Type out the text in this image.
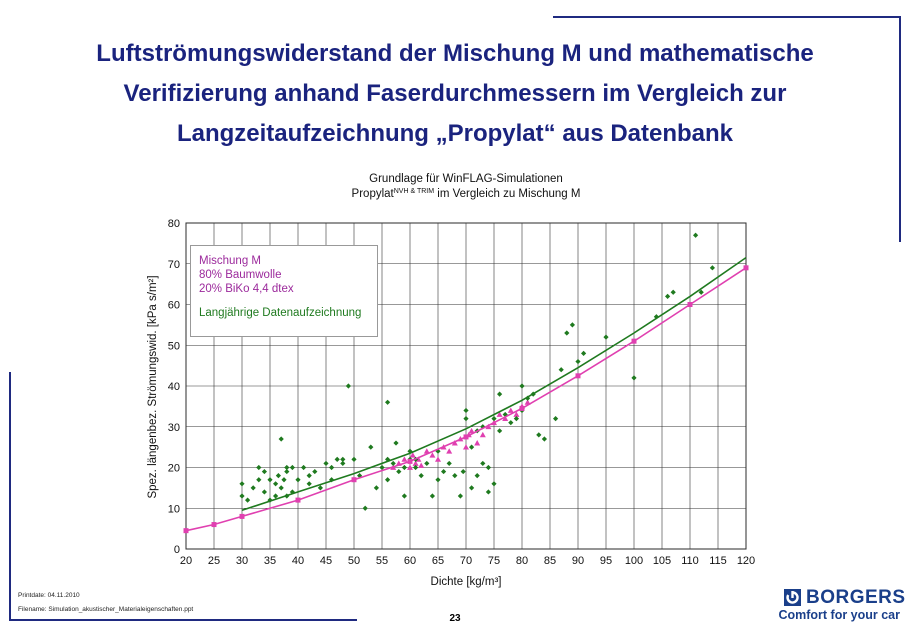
Luftströmungswiderstand der Mischung M und mathematische
Verifizierung anhand Faserdurchmessern im Vergleich zur
Langzeitaufzeichnung „Propylat“ aus Datenbank
Grundlage für WinFLAG-Simulationen
Propylat$^{NVH \& TRIM}$ im Vergleich zu Mischung M
20 25 30 35 40 45 50 55 60 65 70 75 80 85 90 95 100 105 110 115 120
0
10
20
30
40
50
60
70
80
Dichte [kg/m³]
Spez. längenbez. Strömungswid. [kPa s/m²]
Mischung M
80% Baumwolle
20% BiKo 4,4 dtex
Langjährige Datenaufzeichnung
Printdate: 04.11.2010
Filename: Simulation_akustischer_Materialeigenschaften.ppt
23
BORGERS
Comfort for your car
